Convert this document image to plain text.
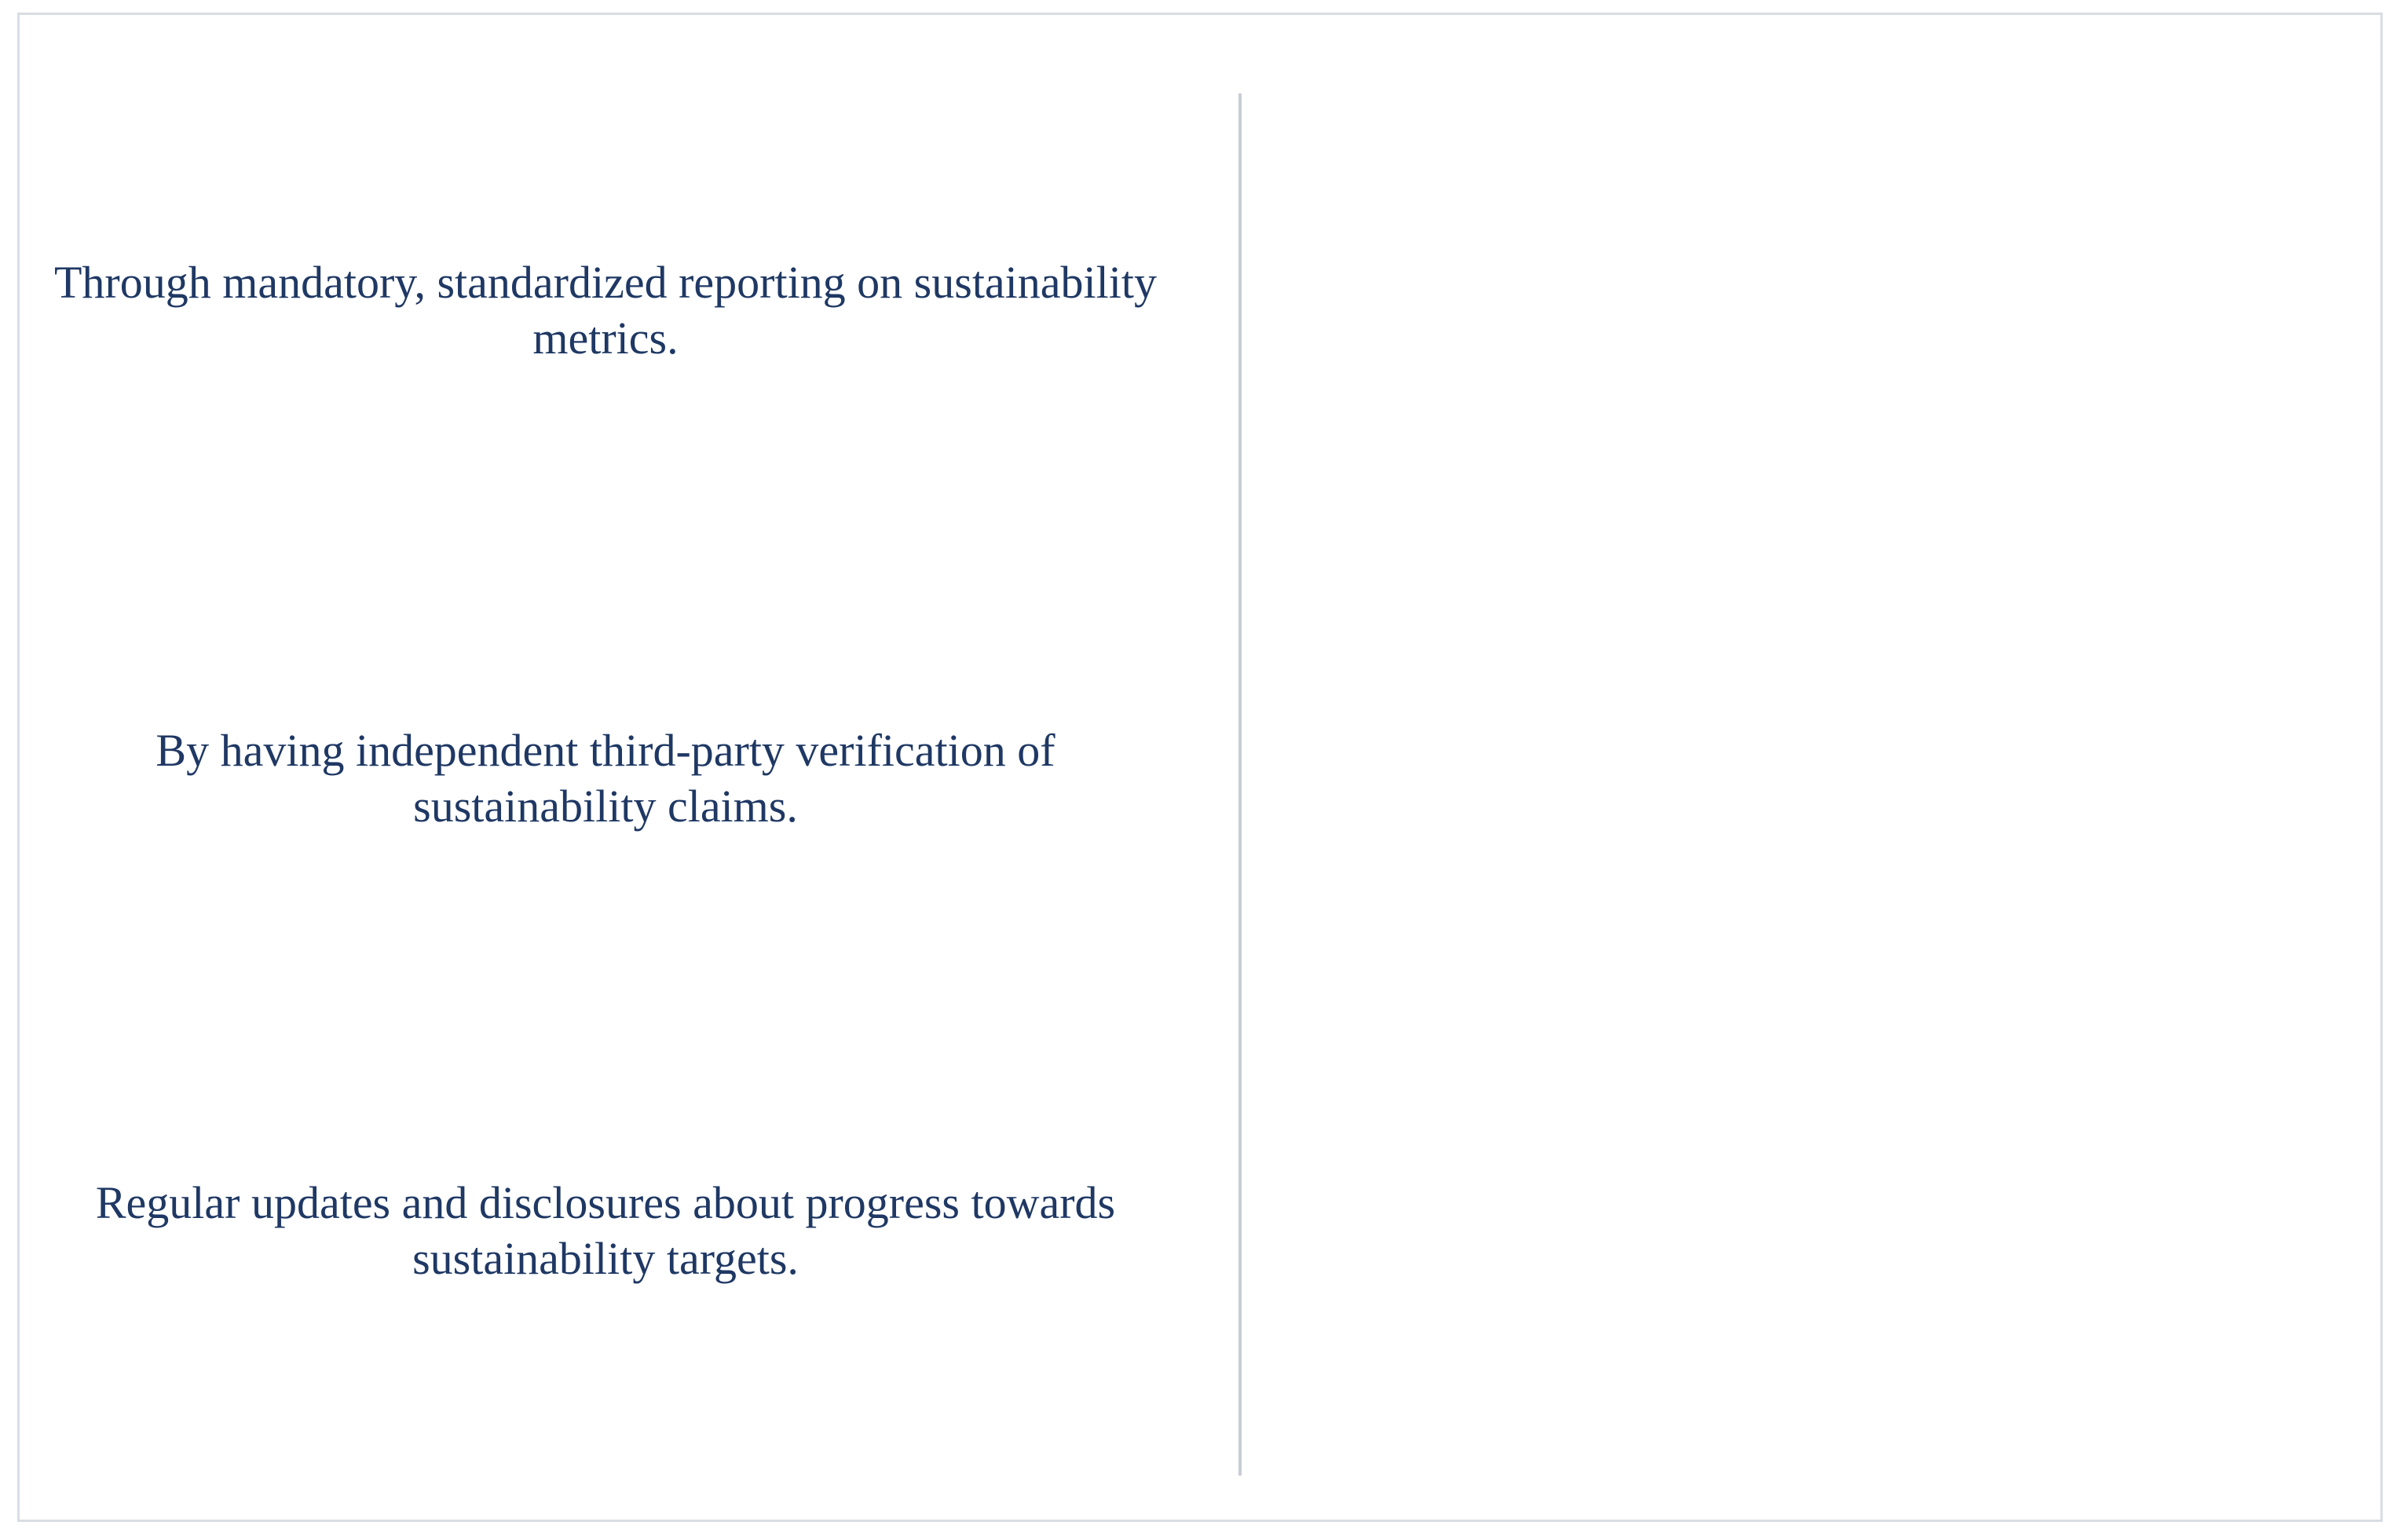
Through mandatory, standardized reporting on sustainability metrics.
64%
By having independent third-party verification of sustainability claims.
50%
Regular updates and disclosures about progress towards sustainability targets.
43%
